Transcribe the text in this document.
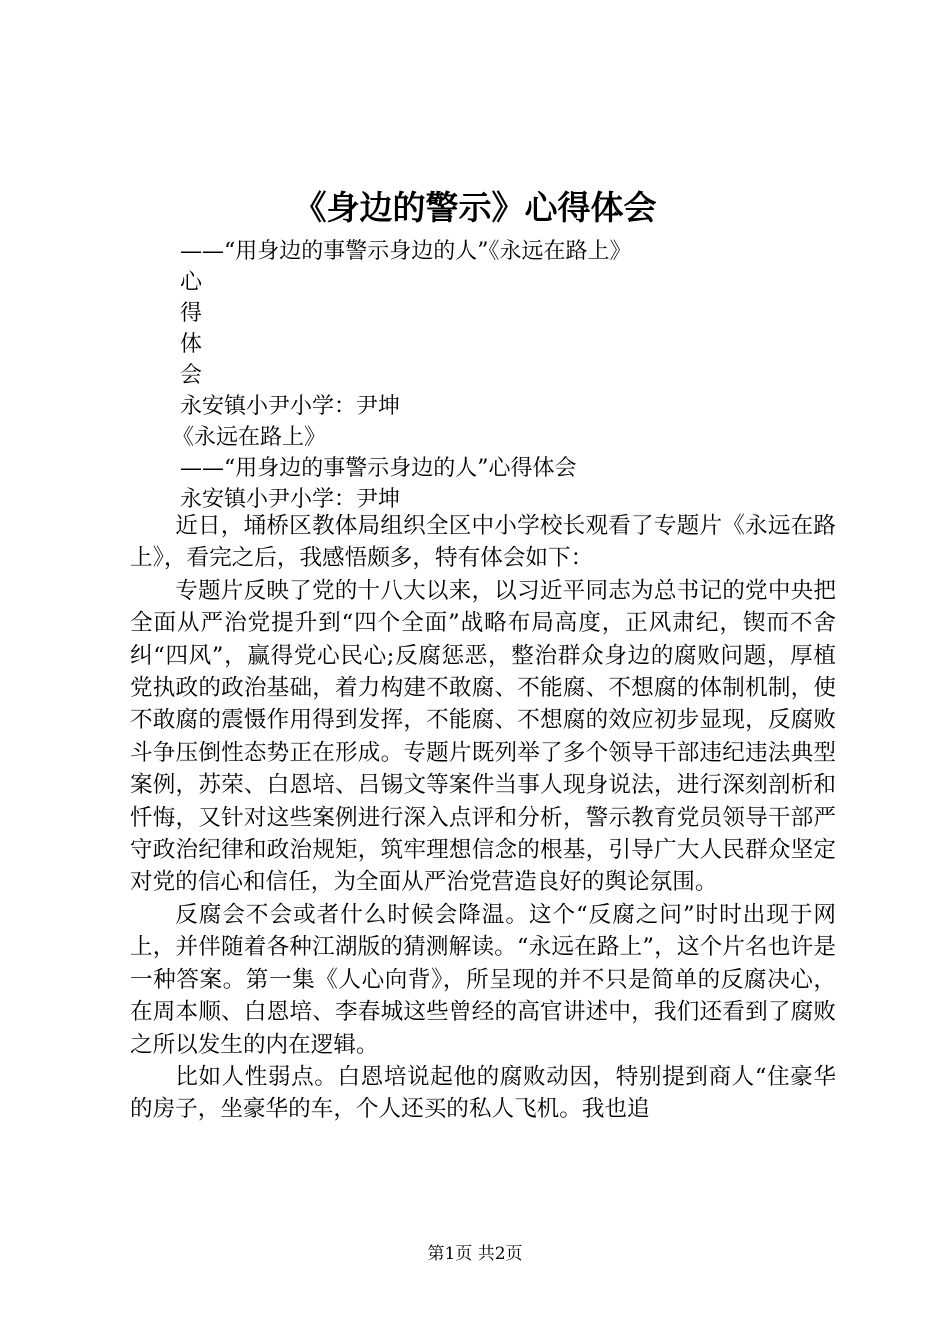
《身边的警示》心得体会
——“用身边的事警示身边的人”《永远在路上》
心
得
体
会
永安镇小尹小学：尹坤
《永远在路上》
——“用身边的事警示身边的人”心得体会
永安镇小尹小学：尹坤

近日，埇桥区教体局组织全区中小学校长观看了专题片《永远在路上》，看完之后，我感悟颇多，特有体会如下：

专题片反映了党的十八大以来，以习近平同志为总书记的党中央把全面从严治党提升到“四个全面”战略布局高度，正风肃纪，锲而不舍纠“四风”，赢得党心民心;反腐惩恶，整治群众身边的腐败问题，厚植党执政的政治基础，着力构建不敢腐、不能腐、不想腐的体制机制，使不敢腐的震慑作用得到发挥，不能腐、不想腐的效应初步显现，反腐败斗争压倒性态势正在形成。专题片既列举了多个领导干部违纪违法典型案例，苏荣、白恩培、吕锡文等案件当事人现身说法，进行深刻剖析和忏悔，又针对这些案例进行深入点评和分析，警示教育党员领导干部严守政治纪律和政治规矩，筑牢理想信念的根基，引导广大人民群众坚定对党的信心和信任，为全面从严治党营造良好的舆论氛围。

反腐会不会或者什么时候会降温。这个“反腐之问”时时出现于网上，并伴随着各种江湖版的猜测解读。“永远在路上”，这个片名也许是一种答案。第一集《人心向背》，所呈现的并不只是简单的反腐决心，在周本顺、白恩培、李春城这些曾经的高官讲述中，我们还看到了腐败之所以发生的内在逻辑。

比如人性弱点。白恩培说起他的腐败动因，特别提到商人“住豪华的房子，坐豪华的车，个人还买的私人飞机。我也追

第1页 共2页
